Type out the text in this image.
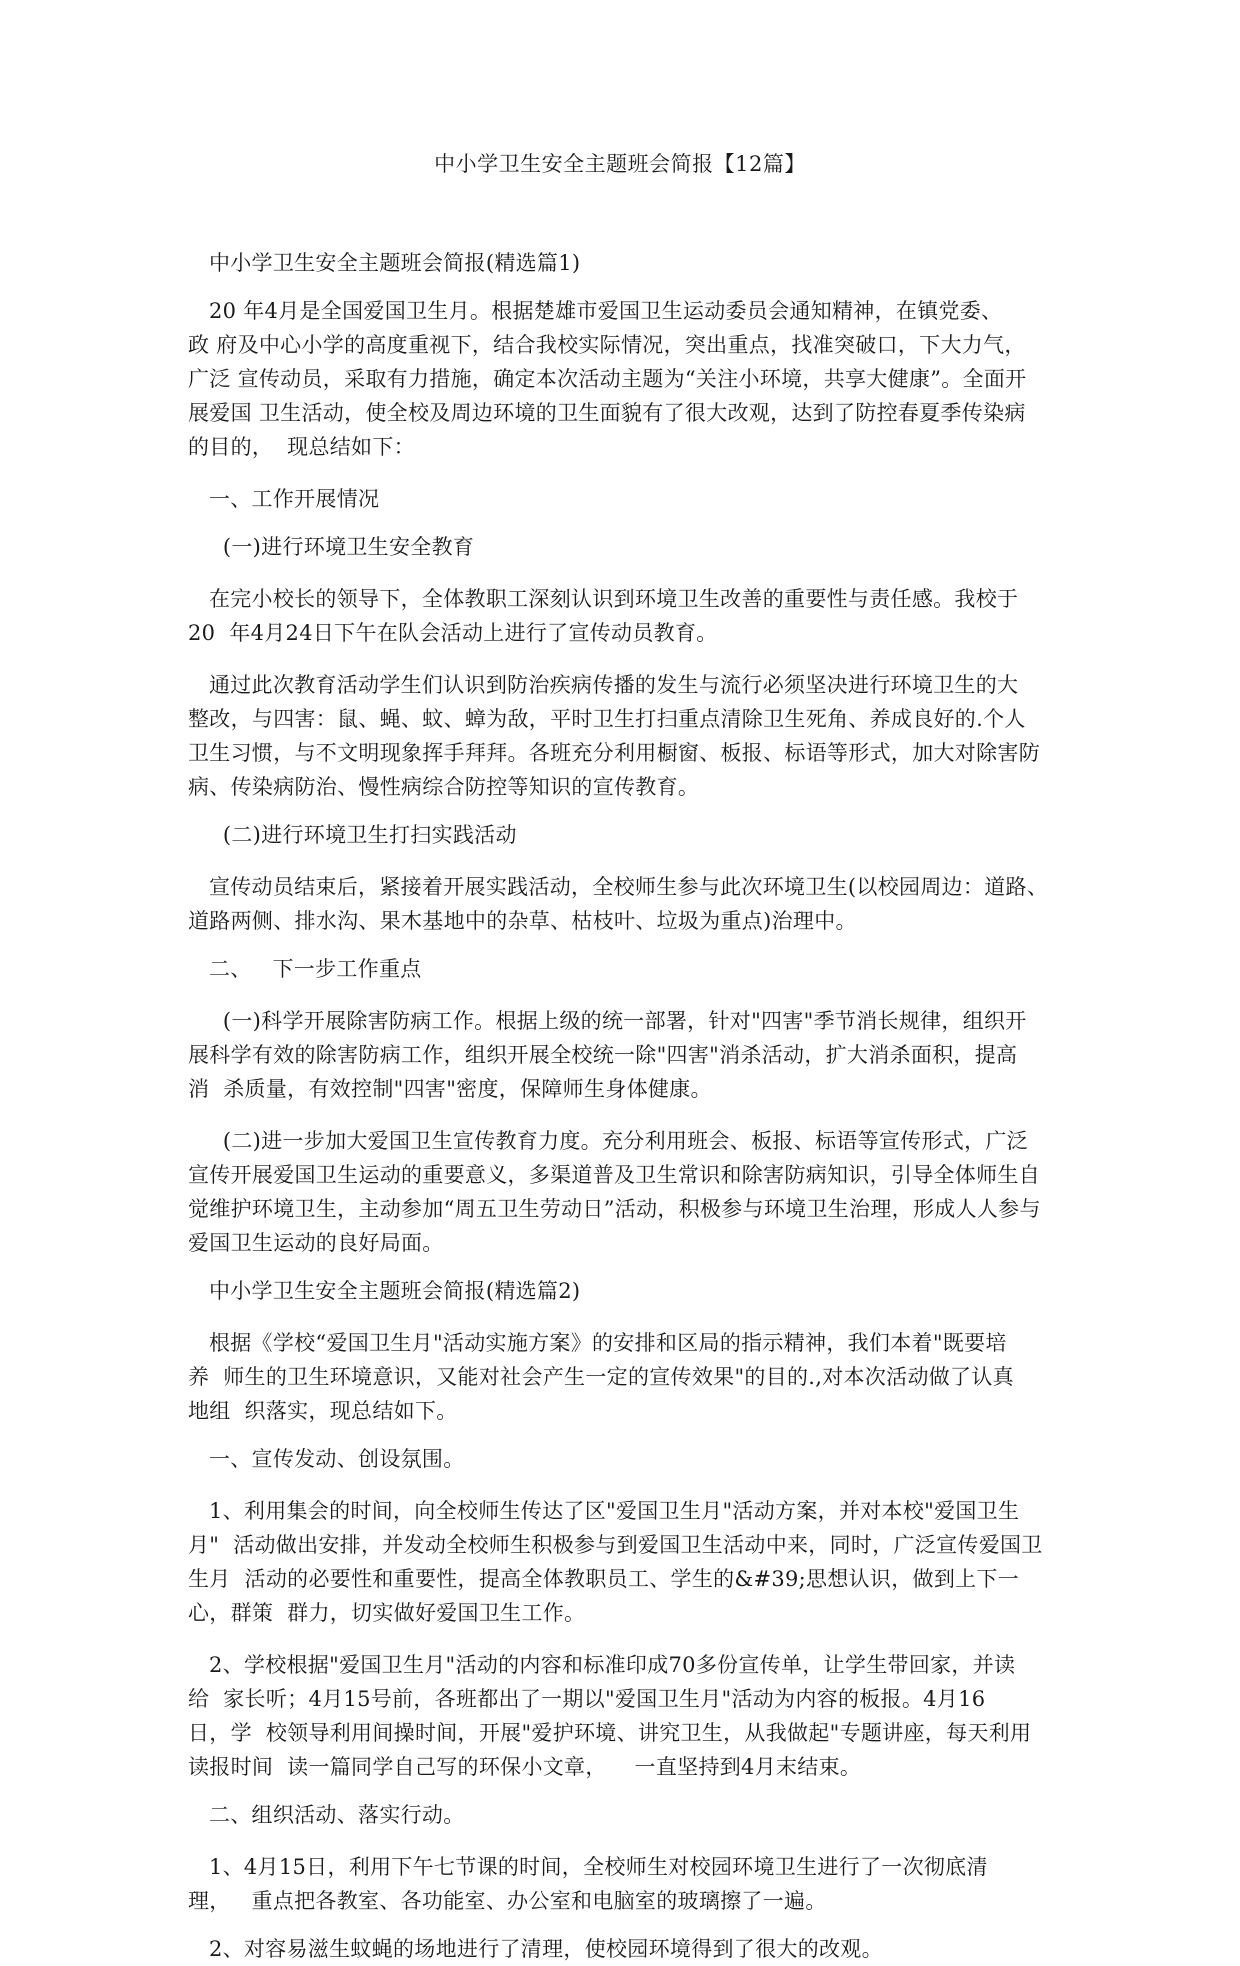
中小学卫生安全主题班会简报【12篇】

中小学卫生安全主题班会简报(精选篇1)

20 年4月是全国爱国卫生月。根据楚雄市爱国卫生运动委员会通知精神，在镇党委、
政 府及中心小学的高度重视下，结合我校实际情况，突出重点，找准突破口，下大力气，
广泛 宣传动员，采取有力措施，确定本次活动主题为“关注小环境，共享大健康”。全面开
展爱国 卫生活动，使全校及周边环境的卫生面貌有了很大改观，达到了防控春夏季传染病
的目的，  现总结如下：

一、工作开展情况

(一)进行环境卫生安全教育

在完小校长的领导下，全体教职工深刻认识到环境卫生改善的重要性与责任感。我校于
20  年4月24日下午在队会活动上进行了宣传动员教育。

通过此次教育活动学生们认识到防治疾病传播的发生与流行必须坚决进行环境卫生的大
整改，与四害：鼠、蝇、蚊、蟑为敌，平时卫生打扫重点清除卫生死角、养成良好的.个人
卫生习惯，与不文明现象挥手拜拜。各班充分利用橱窗、板报、标语等形式，加大对除害防
病、传染病防治、慢性病综合防控等知识的宣传教育。

(二)进行环境卫生打扫实践活动

宣传动员结束后，紧接着开展实践活动，全校师生参与此次环境卫生(以校园周边：道路、
道路两侧、排水沟、果木基地中的杂草、枯枝叶、垃圾为重点)治理中。

二、   下一步工作重点

(一)科学开展除害防病工作。根据上级的统一部署，针对"四害"季节消长规律，组织开
展科学有效的除害防病工作，组织开展全校统一除"四害"消杀活动，扩大消杀面积，提高
消  杀质量，有效控制"四害"密度，保障师生身体健康。

(二)进一步加大爱国卫生宣传教育力度。充分利用班会、板报、标语等宣传形式，广泛
宣传开展爱国卫生运动的重要意义，多渠道普及卫生常识和除害防病知识，引导全体师生自
觉维护环境卫生，主动参加“周五卫生劳动日”活动，积极参与环境卫生治理，形成人人参与
爱国卫生运动的良好局面。

中小学卫生安全主题班会简报(精选篇2)

根据《学校“爱国卫生月"活动实施方案》的安排和区局的指示精神，我们本着"既要培
养  师生的卫生环境意识，又能对社会产生一定的宣传效果"的目的.,对本次活动做了认真
地组  织落实，现总结如下。

一、宣传发动、创设氛围。

1、利用集会的时间，向全校师生传达了区"爱国卫生月"活动方案，并对本校"爱国卫生
月"  活动做出安排，并发动全校师生积极参与到爱国卫生活动中来，同时，广泛宣传爱国卫
生月  活动的必要性和重要性，提高全体教职员工、学生的&#39;思想认识，做到上下一
心，群策  群力，切实做好爱国卫生工作。

2、学校根据"爱国卫生月"活动的内容和标准印成70多份宣传单，让学生带回家，并读
给  家长听；4月15号前，各班都出了一期以"爱国卫生月"活动为内容的板报。4月16
日，学  校领导利用间操时间，开展"爱护环境、讲究卫生，从我做起"专题讲座，每天利用
读报时间  读一篇同学自己写的环保小文章，    一直坚持到4月末结束。

二、组织活动、落实行动。

1、4月15日，利用下午七节课的时间，全校师生对校园环境卫生进行了一次彻底清
理，   重点把各教室、各功能室、办公室和电脑室的玻璃擦了一遍。

2、对容易滋生蚊蝇的场地进行了清理，使校园环境得到了很大的改观。
